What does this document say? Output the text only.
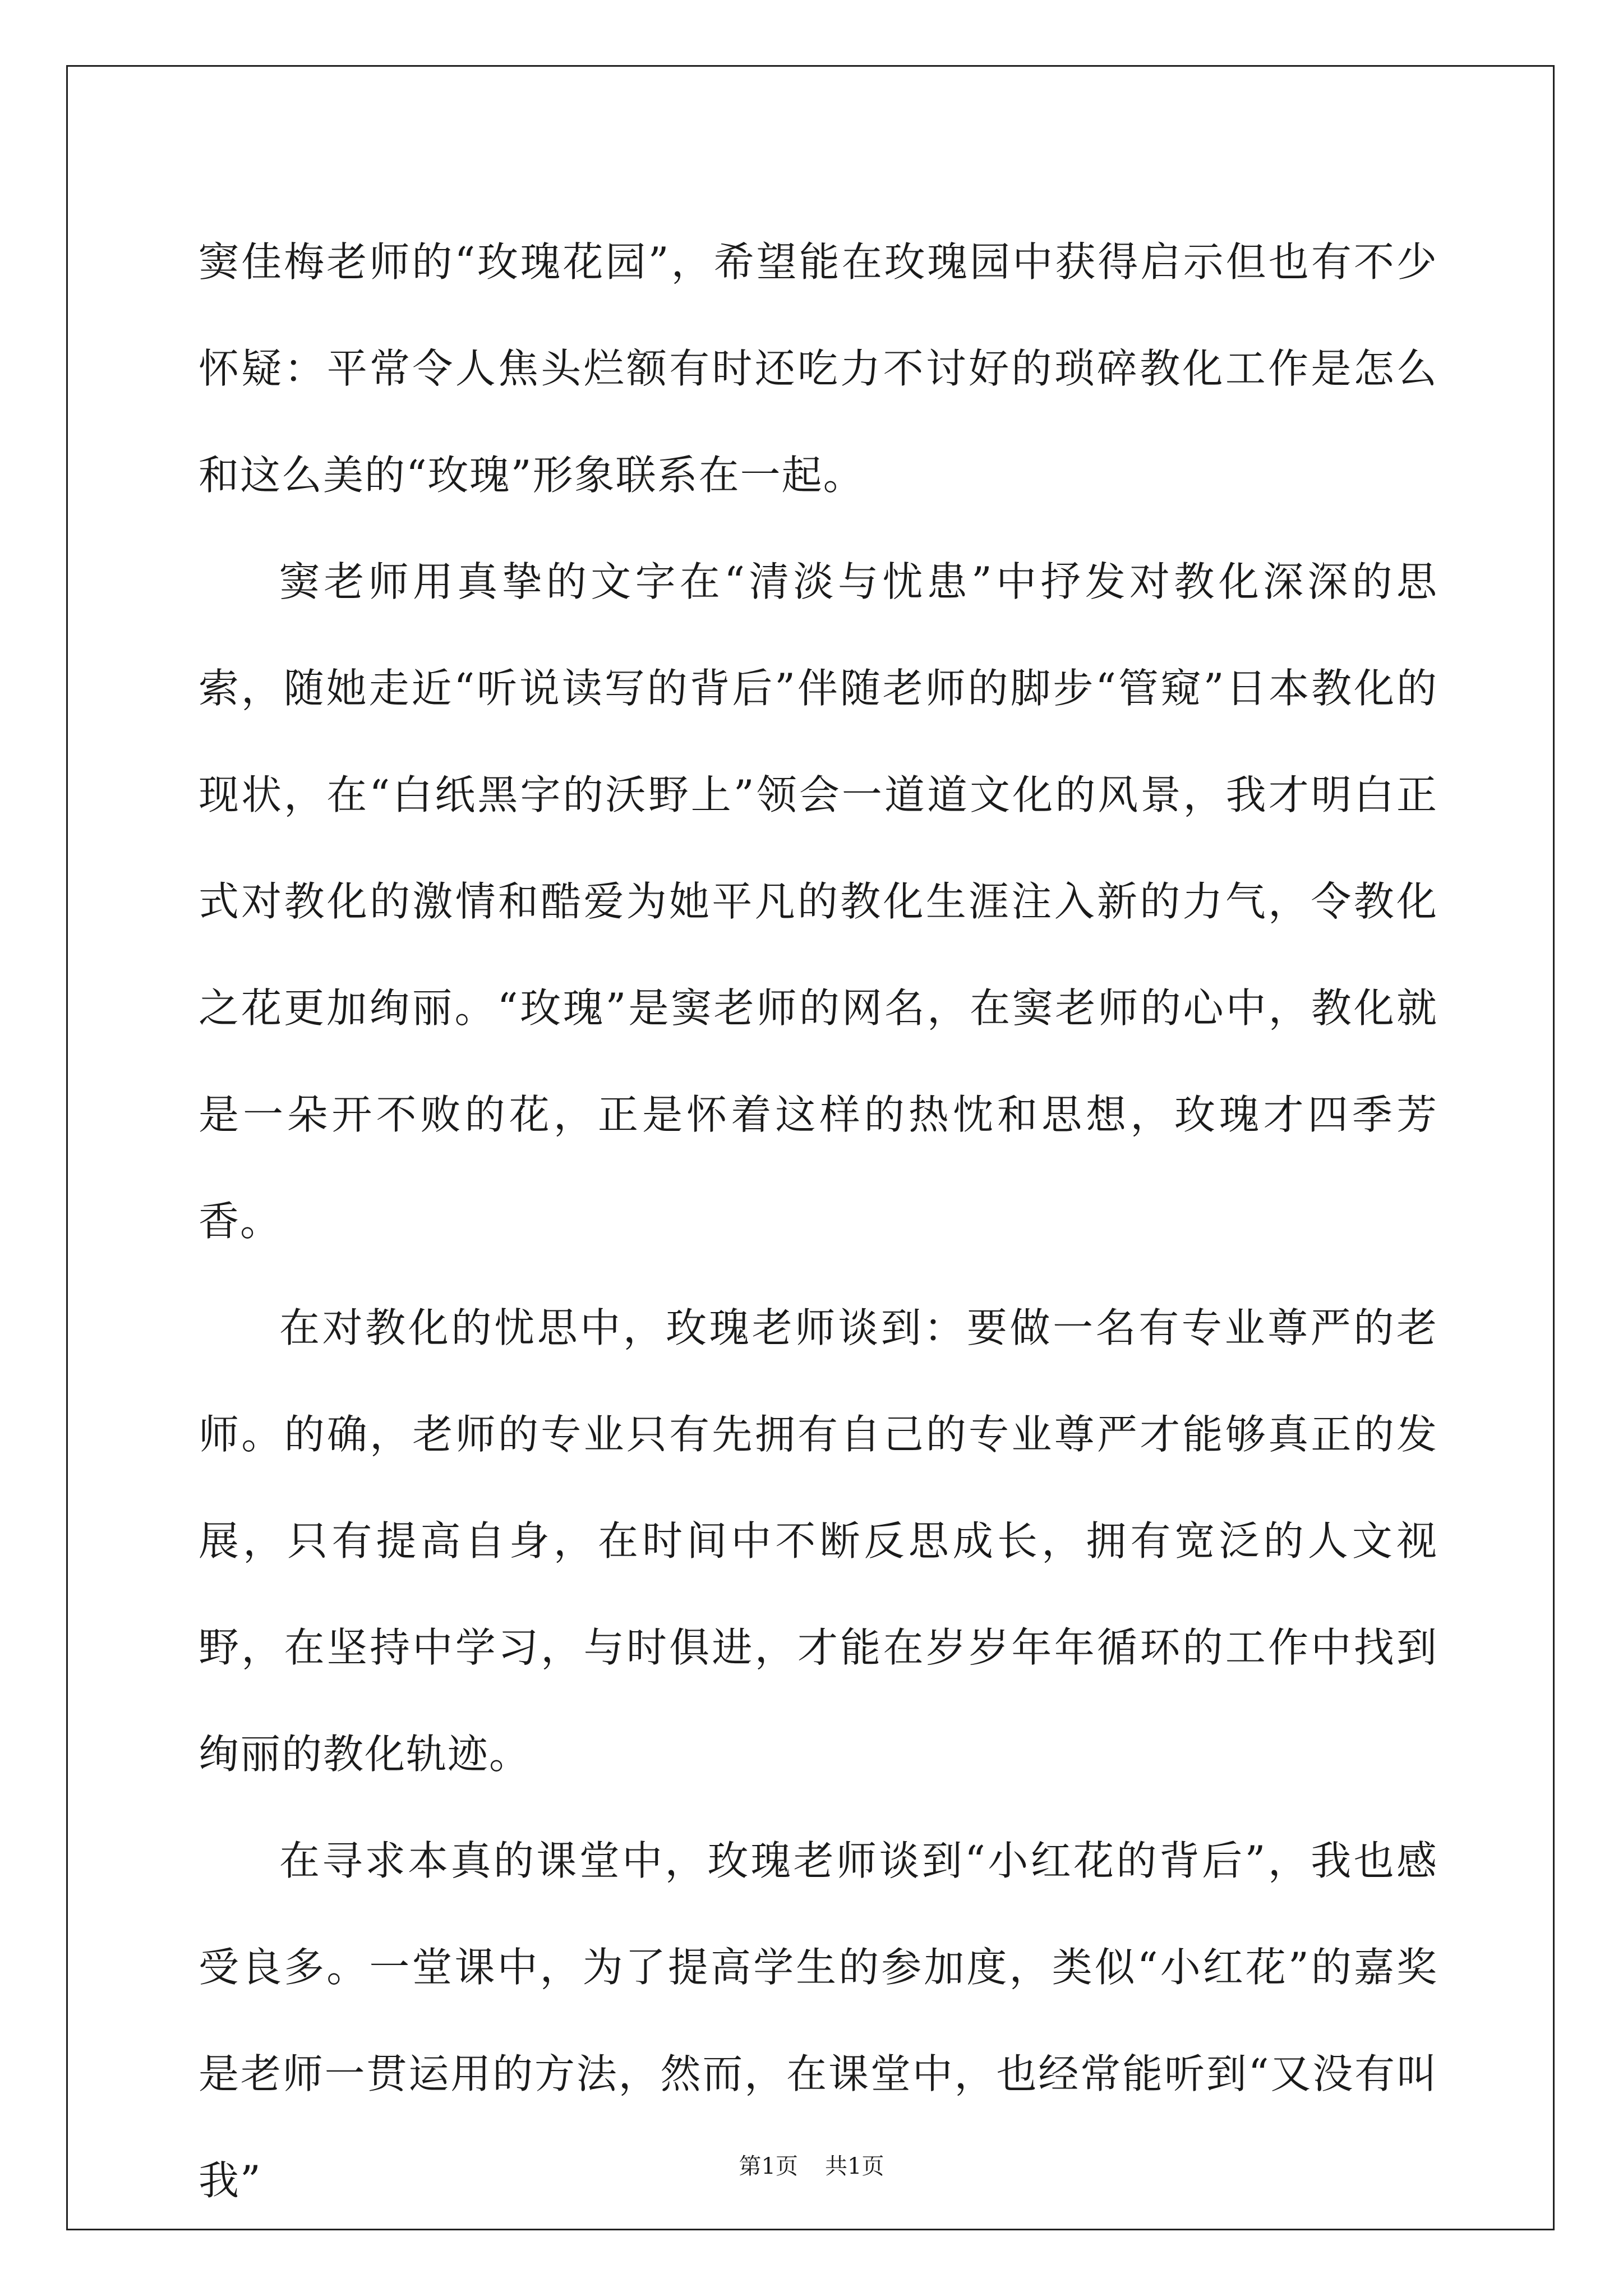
窦佳梅老师的“玫瑰花园”，希望能在玫瑰园中获得启示但也有不少怀疑：平常令人焦头烂额有时还吃力不讨好的琐碎教化工作是怎么和这么美的“玫瑰”形象联系在一起。

窦老师用真挚的文字在“清淡与忧患”中抒发对教化深深的思索，随她走近“听说读写的背后”伴随老师的脚步“管窥”日本教化的现状，在“白纸黑字的沃野上”领会一道道文化的风景，我才明白正式对教化的激情和酷爱为她平凡的教化生涯注入新的力气，令教化之花更加绚丽。“玫瑰”是窦老师的网名，在窦老师的心中，教化就是一朵开不败的花，正是怀着这样的热忱和思想，玫瑰才四季芳香。

在对教化的忧思中，玫瑰老师谈到：要做一名有专业尊严的老师。的确，老师的专业只有先拥有自己的专业尊严才能够真正的发展，只有提高自身，在时间中不断反思成长，拥有宽泛的人文视野，在坚持中学习，与时俱进，才能在岁岁年年循环的工作中找到绚丽的教化轨迹。

在寻求本真的课堂中，玫瑰老师谈到“小红花的背后”，我也感受良多。一堂课中，为了提高学生的参加度，类似“小红花”的嘉奖是老师一贯运用的方法，然而，在课堂中，也经常能听到“又没有叫我”	第1页 共1页
